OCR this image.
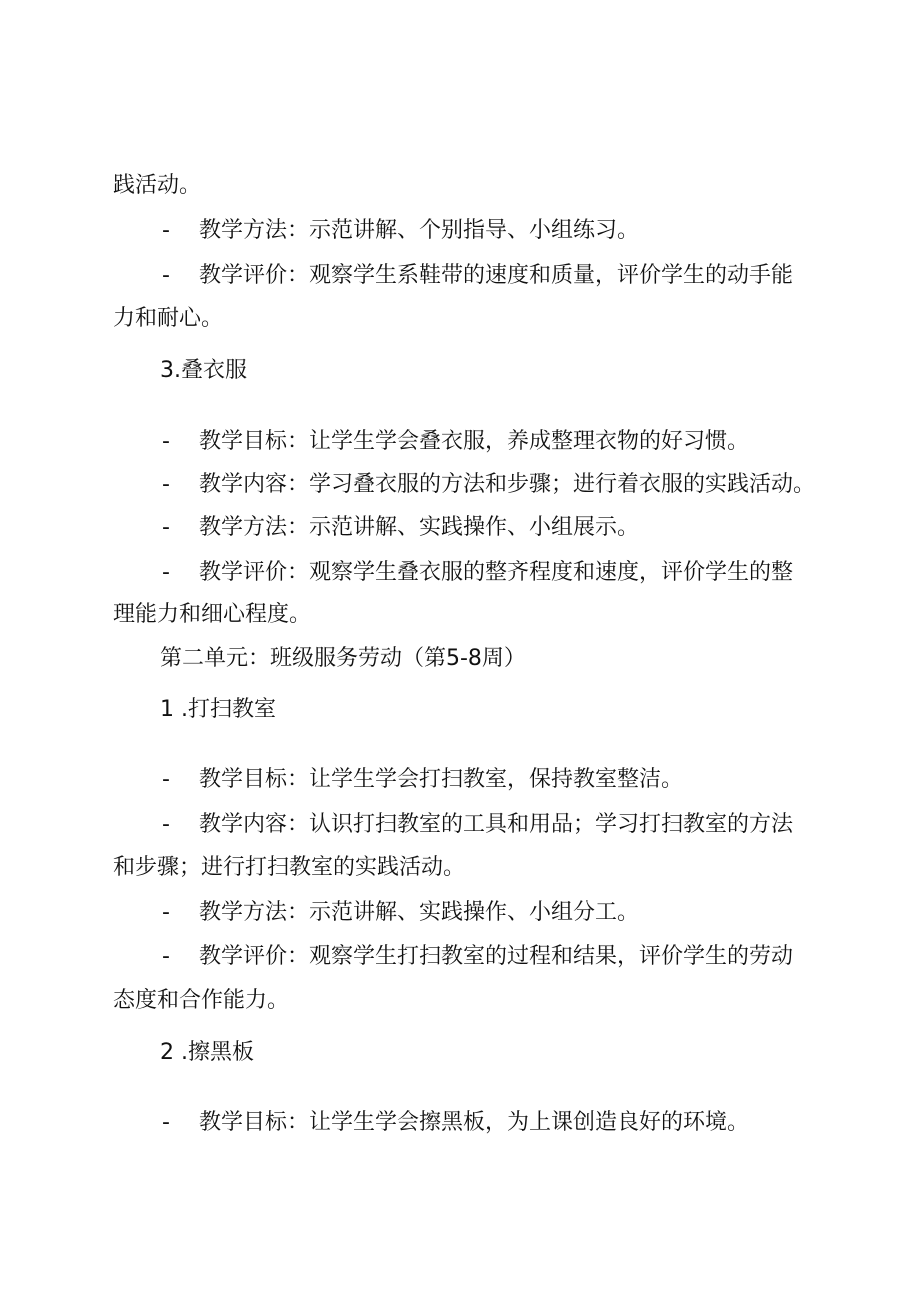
践活动。
-	教学方法：示范讲解、个别指导、小组练习。
-	教学评价：观察学生系鞋带的速度和质量，评价学生的动手能
力和耐心。
3.叠衣服
-	教学目标：让学生学会叠衣服，养成整理衣物的好习惯。
-	教学内容：学习叠衣服的方法和步骤；进行着衣服的实践活动。
-	教学方法：示范讲解、实践操作、小组展示。
-	教学评价：观察学生叠衣服的整齐程度和速度，评价学生的整
理能力和细心程度。
第二单元：班级服务劳动（第5-8周）
1 .打扫教室
-	教学目标：让学生学会打扫教室，保持教室整洁。
-	教学内容：认识打扫教室的工具和用品；学习打扫教室的方法
和步骤；进行打扫教室的实践活动。
-	教学方法：示范讲解、实践操作、小组分工。
-	教学评价：观察学生打扫教室的过程和结果，评价学生的劳动
态度和合作能力。
2 .擦黑板
-	教学目标：让学生学会擦黑板，为上课创造良好的环境。
